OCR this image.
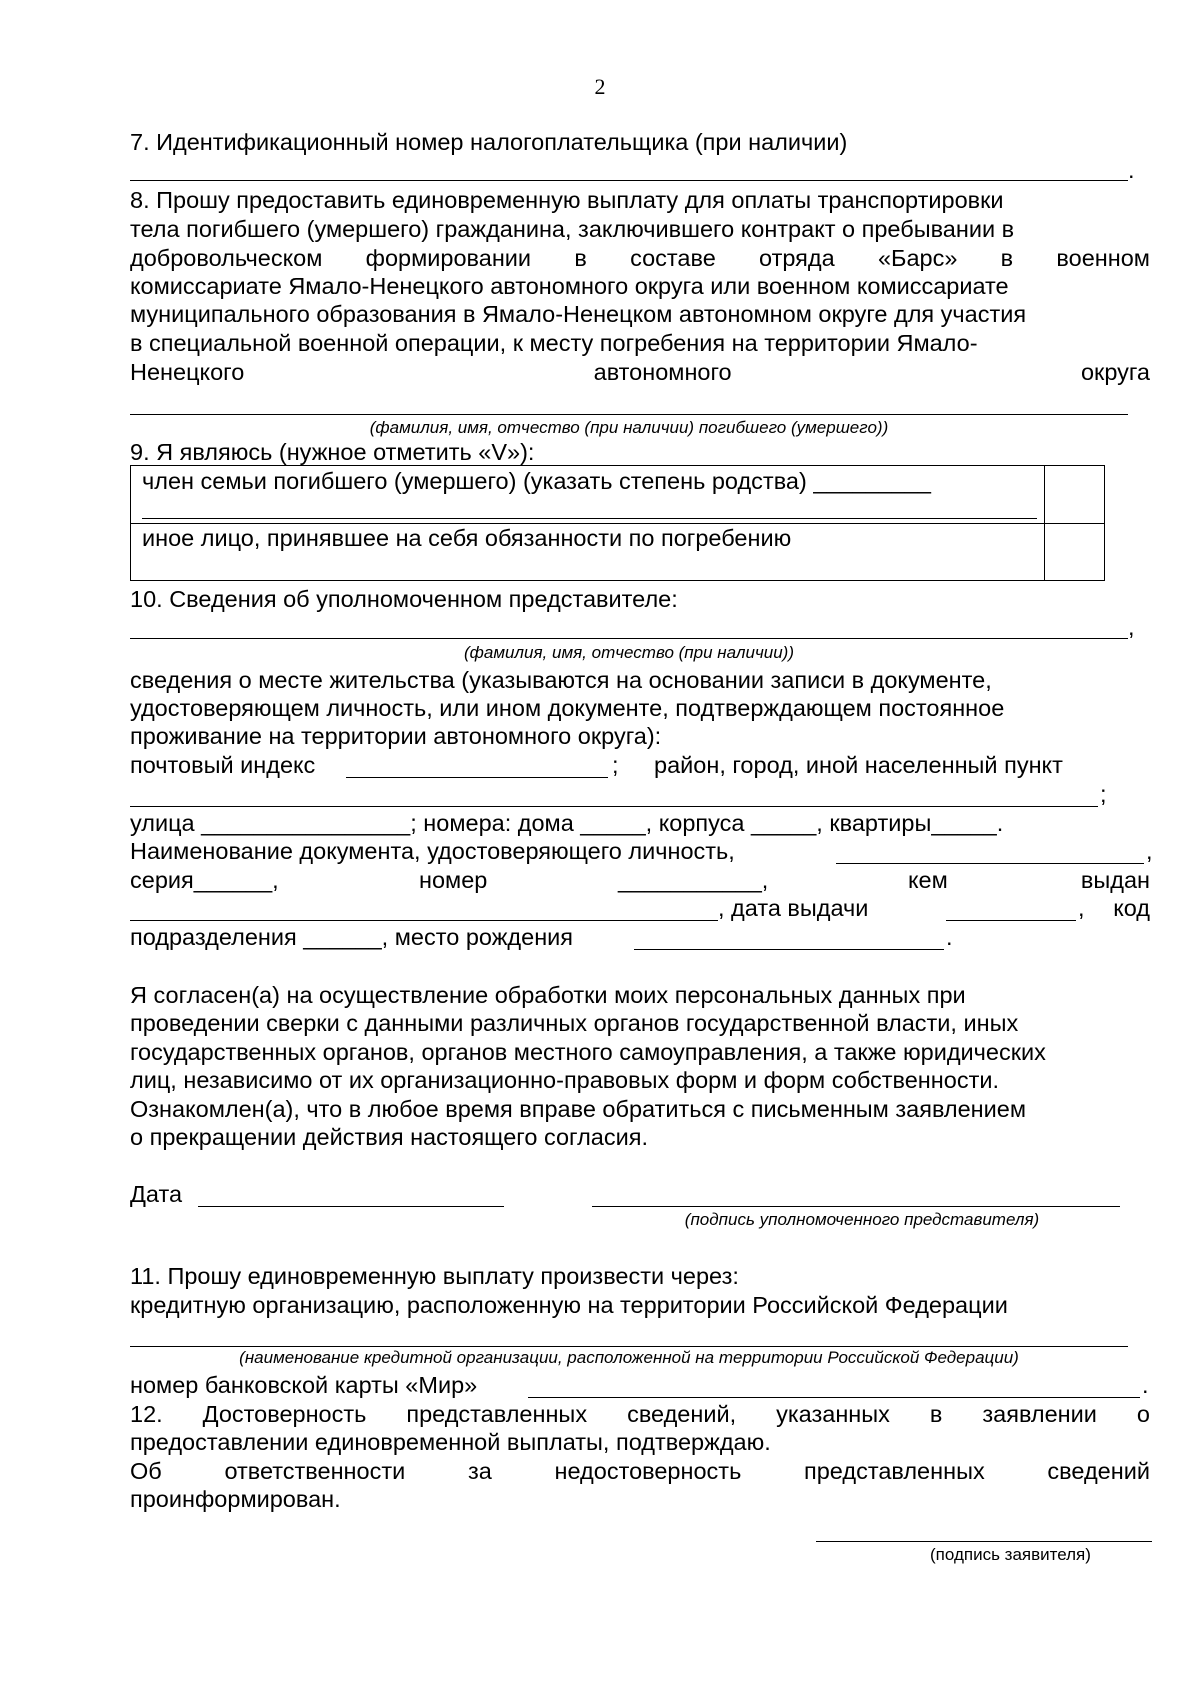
2
7. Идентификационный номер налогоплательщика (при наличии)
.
8. Прошу предоставить единовременную выплату для оплаты транспортировки
тела погибшего (умершего) гражданина, заключившего контракт о пребывании в
добровольческом формировании в составе отряда «Барс» в военном
комиссариате Ямало-Ненецкого автономного округа или военном комиссариате
муниципального образования в Ямало-Ненецком автономном округе для участия
в специальной военной операции, к месту погребения на территории Ямало-
Ненецкого	автономного	округа
(фамилия, имя, отчество (при наличии) погибшего (умершего))
9. Я являюсь (нужное отметить «V»):
член семьи погибшего (умершего) (указать степень родства) _________
иное лицо, принявшее на себя обязанности по погребению
10. Сведения об уполномоченном представителе:
,
(фамилия, имя, отчество (при наличии))
сведения о месте жительства (указываются на основании записи в документе,
удостоверяющем личность, или ином документе, подтверждающем постоянное
проживание на территории автономного округа):
почтовый индекс	; район, город, иной населенный пункт
;
улица ________________; номера: дома _____, корпуса _____, квартиры_____.
Наименование документа, удостоверяющего личность,	,
серия______,	номер	___________,	кем	выдан
, дата выдачи	, код
подразделения ______, место рождения	.
Я согласен(а) на осуществление обработки моих персональных данных при
проведении сверки с данными различных органов государственной власти, иных
государственных органов, органов местного самоуправления, а также юридических
лиц, независимо от их организационно-правовых форм и форм собственности.
Ознакомлен(а), что в любое время вправе обратиться с письменным заявлением
о прекращении действия настоящего согласия.
Дата
(подпись уполномоченного представителя)
11. Прошу единовременную выплату произвести через:
кредитную организацию, расположенную на территории Российской Федерации
(наименование кредитной организации, расположенной на территории Российской Федерации)
номер банковской карты «Мир»	.
12. Достоверность представленных сведений, указанных в заявлении о
предоставлении единовременной выплаты, подтверждаю.
Об	ответственности	за	недостоверность	представленных	сведений
проинформирован.
(подпись заявителя)
